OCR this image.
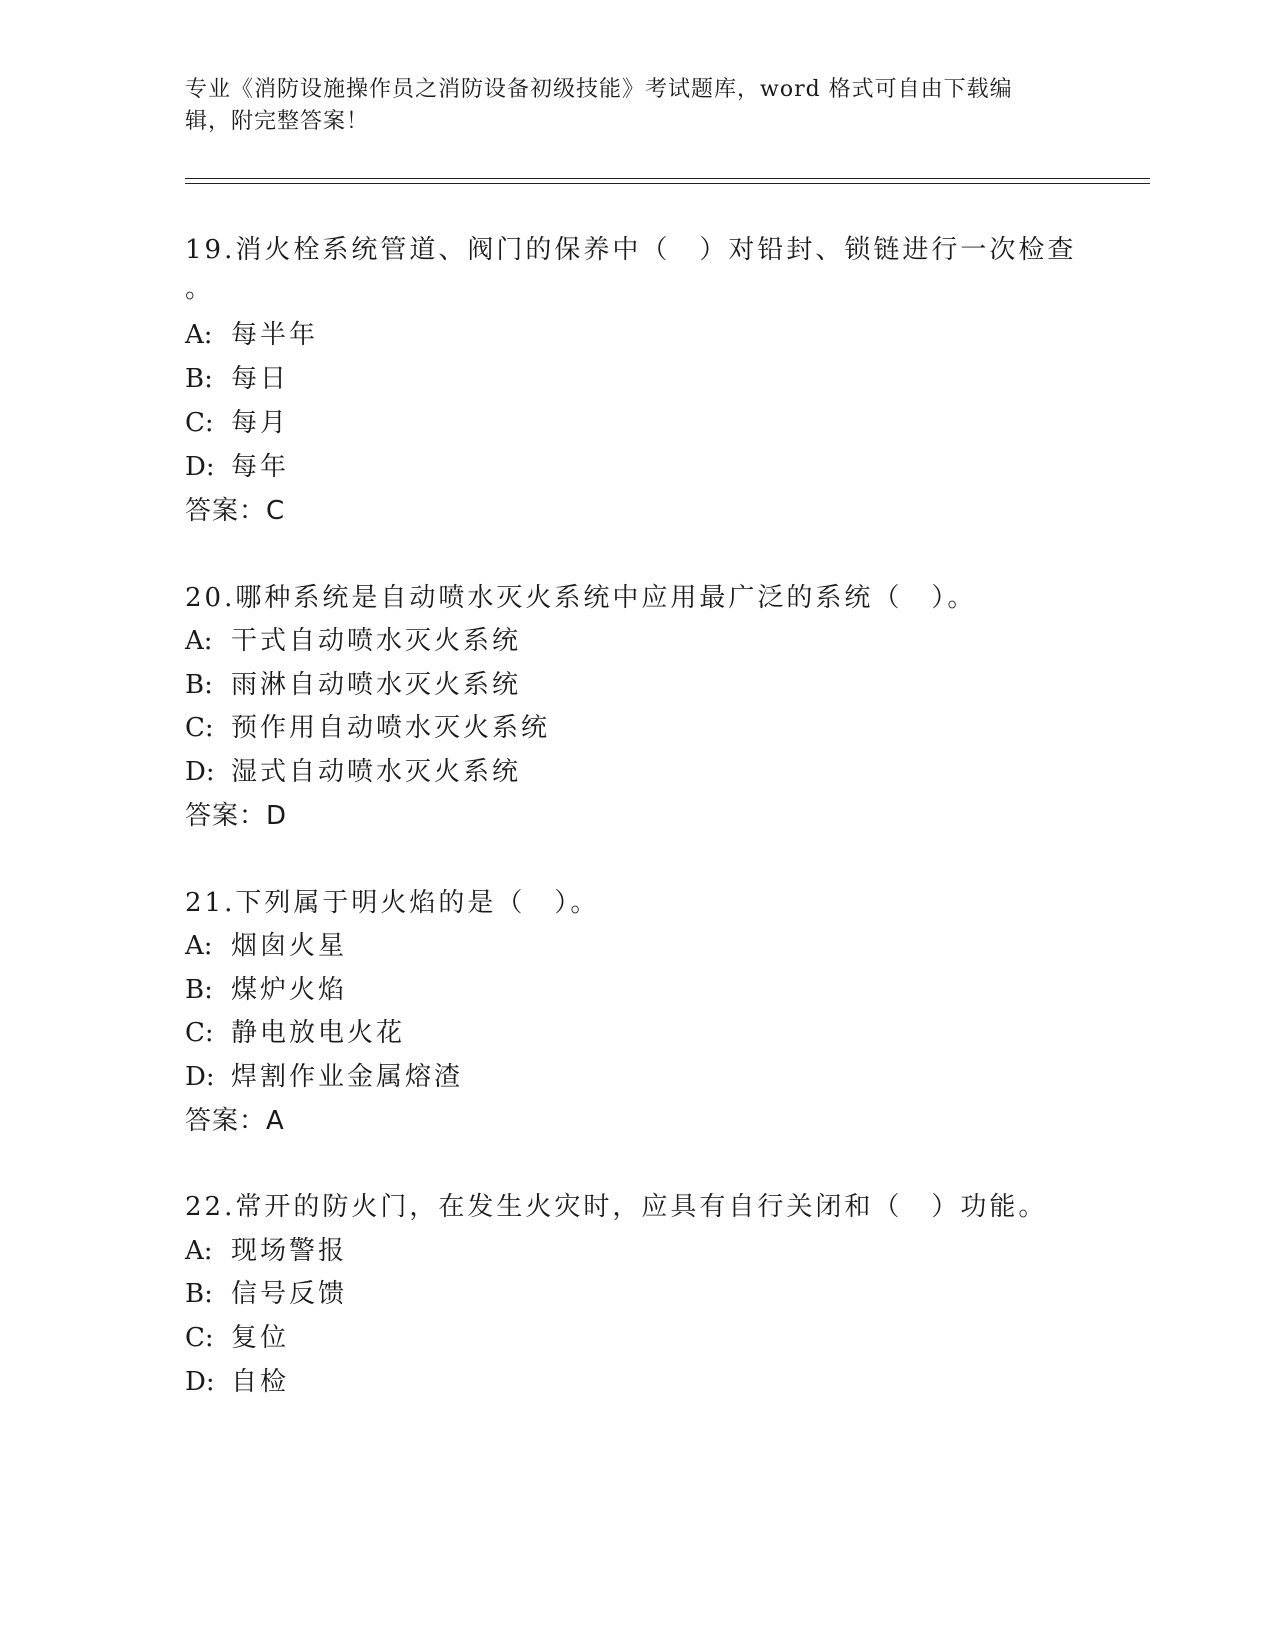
专业《消防设施操作员之消防设备初级技能》考试题库，word 格式可自由下载编
辑，附完整答案！
19.消火栓系统管道、阀门的保养中（　）对铅封、锁链进行一次检查
。
A: 每半年
B: 每日
C: 每月
D: 每年
答案：C
20.哪种系统是自动喷水灭火系统中应用最广泛的系统（　）。
A: 干式自动喷水灭火系统
B: 雨淋自动喷水灭火系统
C: 预作用自动喷水灭火系统
D: 湿式自动喷水灭火系统
答案：D
21.下列属于明火焰的是（　）。
A: 烟囱火星
B: 煤炉火焰
C: 静电放电火花
D: 焊割作业金属熔渣
答案：A
22.常开的防火门，在发生火灾时，应具有自行关闭和（　）功能。
A: 现场警报
B: 信号反馈
C: 复位
D: 自检
